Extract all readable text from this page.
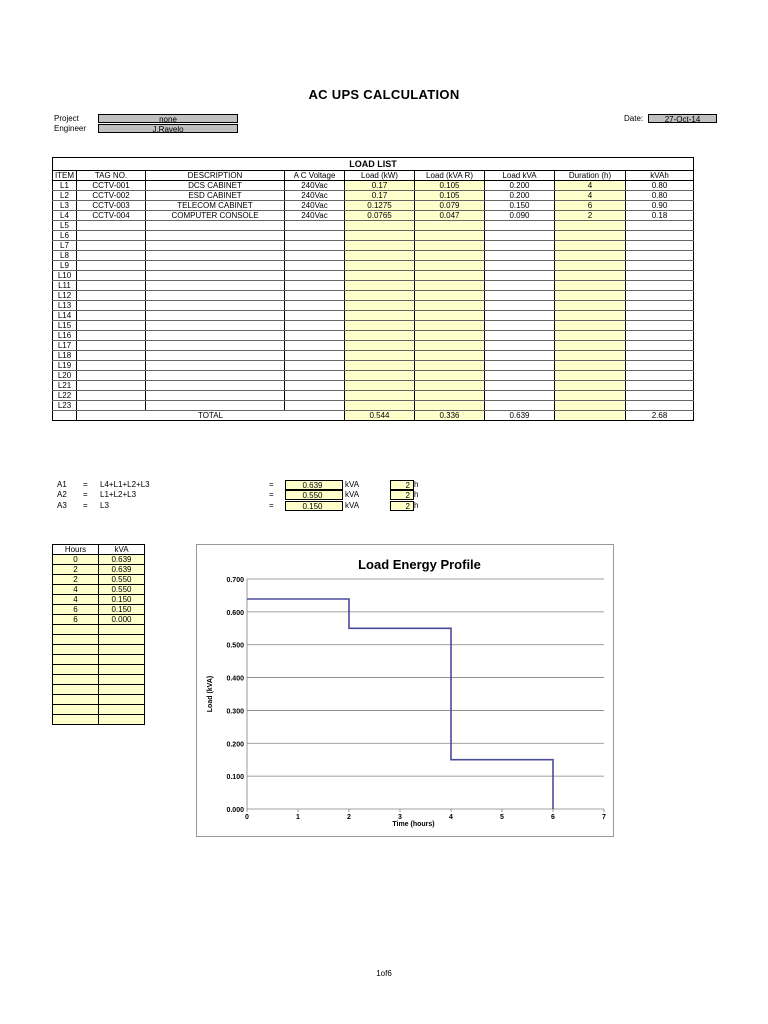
AC UPS CALCULATION
Project	none
Engineer	J.Ravelo
Date:	27-Oct-14
LOAD LIST								
ITEM	TAG NO.	DESCRIPTION	A C Voltage	Load (kW)	Load (kVA R)	Load kVA	Duration (h)	kVAh
L1	CCTV-001	DCS CABINET	240Vac	0.17	0.105	0.200	4	0.80
L2	CCTV-002	ESD CABINET	240Vac	0.17	0.105	0.200	4	0.80
L3	CCTV-003	TELECOM CABINET	240Vac	0.1275	0.079	0.150	6	0.90
L4	CCTV-004	COMPUTER CONSOLE	240Vac	0.0765	0.047	0.090	2	0.18
L5								
L6								
L7								
L8								
L9								
L10								
L11								
L12								
L13								
L14								
L15								
L16								
L17								
L18								
L19								
L20								
L21								
L22								
L23								
	TOTAL			0.544	0.336	0.639		2.68
A1 = L4+L1+L2+L3	=	0.639	kVA	2 h
A2 = L1+L2+L3	=	0.550	kVA	2 h
A3 = L3	=	0.150	kVA	2 h
Hours	kVA
0	0.639
2	0.639
2	0.550
4	0.550
4	0.150
6	0.150
6	0.000

Load Energy Profile
0.000
0.100
0.200
0.300
0.400
0.500
0.600
0.700
0	1	2	3	4	5	6	7
Time (hours)
Load (kVA)
1of6
